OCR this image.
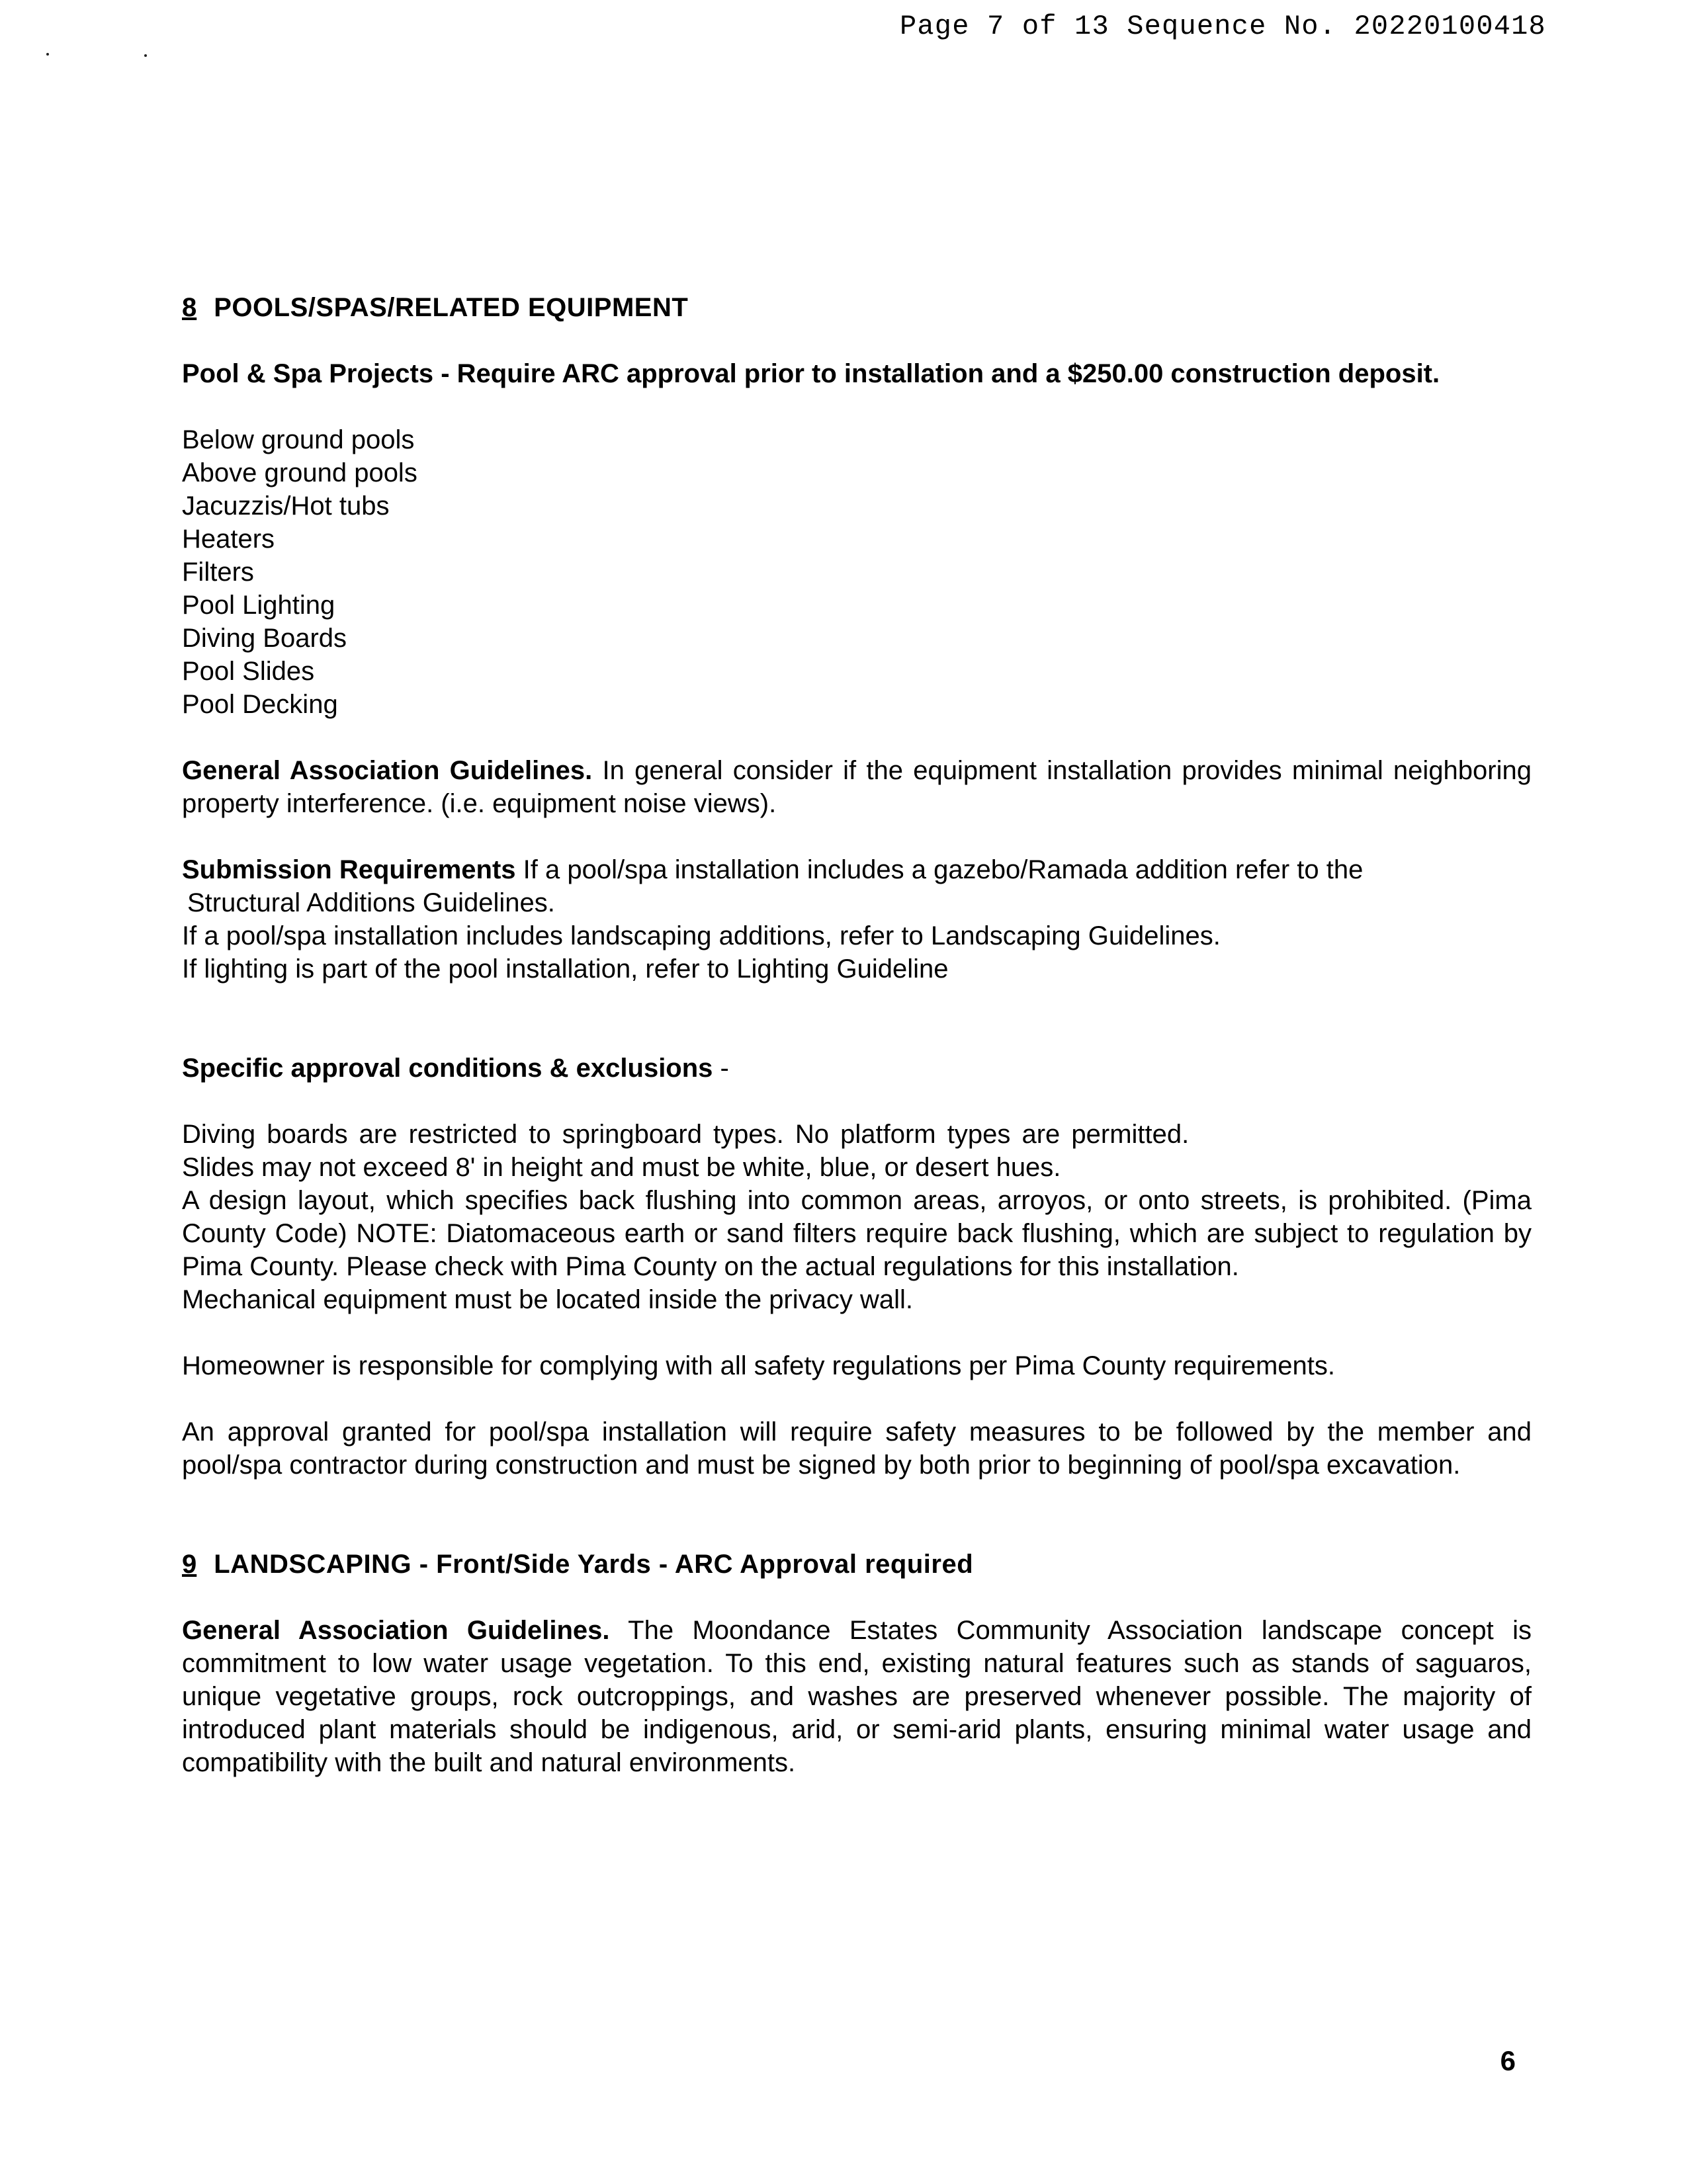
Page 7 of 13 Sequence No. 20220100418
8 POOLS/SPAS/RELATED EQUIPMENT

Pool & Spa Projects - Require ARC approval prior to installation and a $250.00 construction deposit.

Below ground pools
Above ground pools
Jacuzzis/Hot tubs
Heaters
Filters
Pool Lighting
Diving Boards
Pool Slides
Pool Decking

General Association Guidelines. In general consider if the equipment installation provides minimal neighboring property interference. (i.e. equipment noise views).

Submission Requirements If a pool/spa installation includes a gazebo/Ramada addition refer to the

Structural Additions Guidelines.

If a pool/spa installation includes landscaping additions, refer to Landscaping Guidelines.

If lighting is part of the pool installation, refer to Lighting Guideline

Specific approval conditions & exclusions -

Diving boards are restricted to springboard types. No platform types are permitted.

Slides may not exceed 8' in height and must be white, blue, or desert hues.

A design layout, which specifies back flushing into common areas, arroyos, or onto streets, is prohibited. (Pima County Code) NOTE: Diatomaceous earth or sand filters require back flushing, which are subject to regulation by Pima County. Please check with Pima County on the actual regulations for this installation.

Mechanical equipment must be located inside the privacy wall.

Homeowner is responsible for complying with all safety regulations per Pima County requirements.

An approval granted for pool/spa installation will require safety measures to be followed by the member and pool/spa contractor during construction and must be signed by both prior to beginning of pool/spa excavation.

9 LANDSCAPING - Front/Side Yards - ARC Approval required

General Association Guidelines. The Moondance Estates Community Association landscape concept is commitment to low water usage vegetation. To this end, existing natural features such as stands of saguaros, unique vegetative groups, rock outcroppings, and washes are preserved whenever possible. The majority of introduced plant materials should be indigenous, arid, or semi-arid plants, ensuring minimal water usage and compatibility with the built and natural environments.

6
